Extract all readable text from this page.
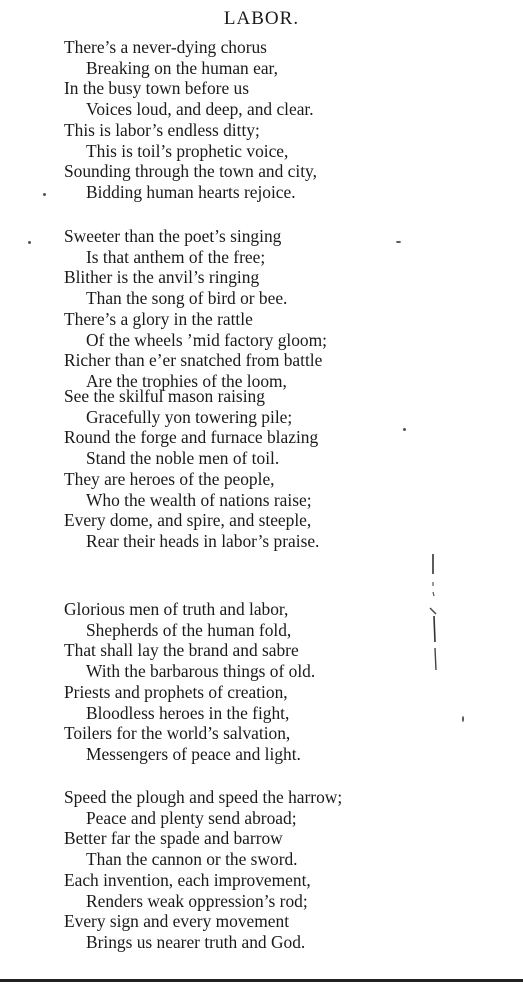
LABOR.
There’s a never-dying chorus
Breaking on the human ear,
In the busy town before us
Voices loud, and deep, and clear.
This is labor’s endless ditty;
This is toil’s prophetic voice,
Sounding through the town and city,
Bidding human hearts rejoice.
Sweeter than the poet’s singing
Is that anthem of the free;
Blither is the anvil’s ringing
Than the song of bird or bee.
There’s a glory in the rattle
Of the wheels ’mid factory gloom;
Richer than e’er snatched from battle
Are the trophies of the loom,
See the skilful mason raising
Gracefully yon towering pile;
Round the forge and furnace blazing
Stand the noble men of toil.
They are heroes of the people,
Who the wealth of nations raise;
Every dome, and spire, and steeple,
Rear their heads in labor’s praise.
Glorious men of truth and labor,
Shepherds of the human fold,
That shall lay the brand and sabre
With the barbarous things of old.
Priests and prophets of creation,
Bloodless heroes in the fight,
Toilers for the world’s salvation,
Messengers of peace and light.
Speed the plough and speed the harrow;
Peace and plenty send abroad;
Better far the spade and barrow
Than the cannon or the sword.
Each invention, each improvement,
Renders weak oppression’s rod;
Every sign and every movement
Brings us nearer truth and God.
